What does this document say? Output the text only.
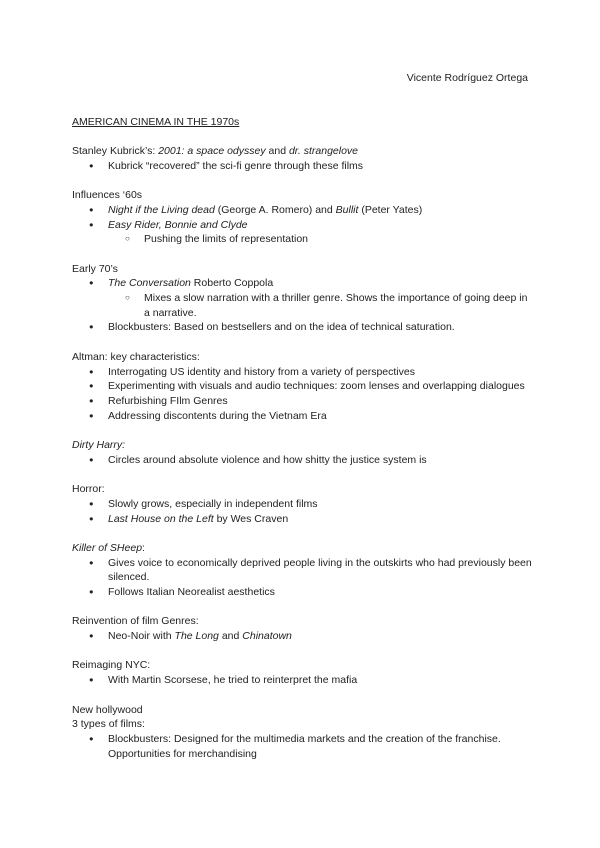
Vicente Rodríguez Ortega
AMERICAN CINEMA IN THE 1970s

Stanley Kubrick’s: 2001: a space odyssey and dr. strangelove

● Kubrick “recovered” the sci-fi genre through these films

Influences ‘60s

● Night if the Living dead (George A. Romero) and Bullit (Peter Yates)
● Easy Rider, Bonnie and Clyde
○ Pushing the limits of representation

Early 70’s

● The Conversation Roberto Coppola
○ Mixes a slow narration with a thriller genre. Shows the importance of going deep in a narrative.
● Blockbusters: Based on bestsellers and on the idea of technical saturation.

Altman: key characteristics:

● Interrogating US identity and history from a variety of perspectives
● Experimenting with visuals and audio techniques: zoom lenses and overlapping dialogues
● Refurbishing FIlm Genres
● Addressing discontents during the Vietnam Era

Dirty Harry:

● Circles around absolute violence and how shitty the justice system is

Horror:

● Slowly grows, especially in independent films
● Last House on the Left by Wes Craven

Killer of SHeep:

● Gives voice to economically deprived people living in the outskirts who had previously been silenced.
● Follows Italian Neorealist aesthetics

Reinvention of film Genres:

● Neo-Noir with The Long and Chinatown

Reimaging NYC:

● With Martin Scorsese, he tried to reinterpret the mafia

New hollywood

3 types of films:

● Blockbusters: Designed for the multimedia markets and the creation of the franchise. Opportunities for merchandising
